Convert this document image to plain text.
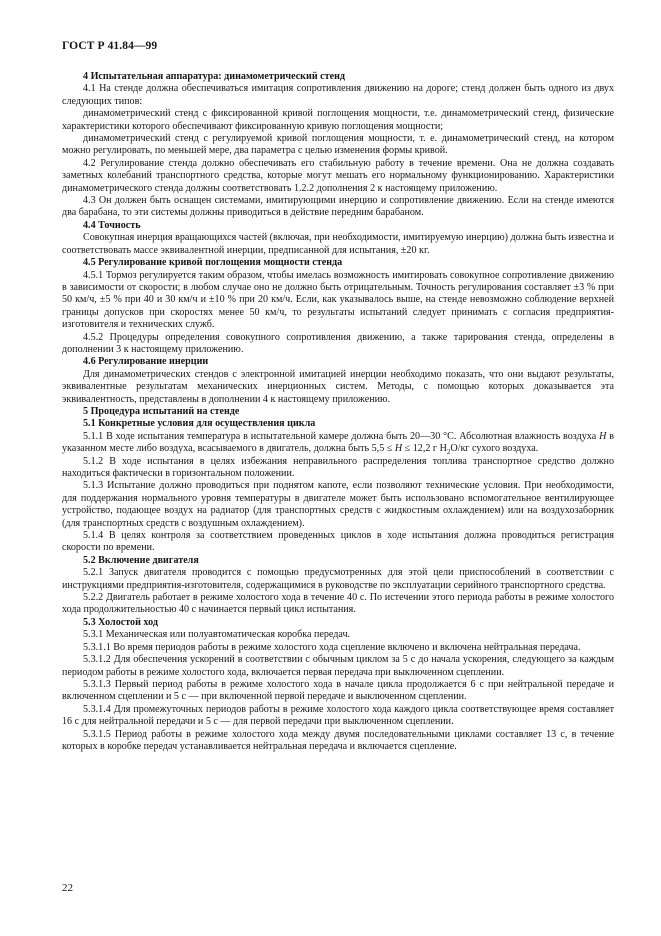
ГОСТ Р 41.84—99

4 Испытательная аппаратура: динамометрический стенд

4.1 На стенде должна обеспечиваться имитация сопротивления движению на дороге; стенд должен быть одного из двух следующих типов:

динамометрический стенд с фиксированной кривой поглощения мощности, т.е. динамометрический стенд, физические характеристики которого обеспечивают фиксированную кривую поглощения мощности;

динамометрический стенд с регулируемой кривой поглощения мощности, т. е. динамометрический стенд, на котором можно регулировать, по меньшей мере, два параметра с целью изменения формы кривой.

4.2 Регулирование стенда должно обеспечивать его стабильную работу в течение времени. Она не должна создавать заметных колебаний транспортного средства, которые могут мешать его нормальному функционированию. Характеристики динамометрического стенда должны соответствовать 1.2.2 дополнения 2 к настоящему приложению.

4.3 Он должен быть оснащен системами, имитирующими инерцию и сопротивление движению. Если на стенде имеются два барабана, то эти системы должны приводиться в действие передним барабаном.

4.4 Точность

Совокупная инерция вращающихся частей (включая, при необходимости, имитируемую инерцию) должна быть известна и соответствовать массе эквивалентной инерции, предписанной для испытания, ±20 кг.

4.5 Регулирование кривой поглощения мощности стенда

4.5.1 Тормоз регулируется таким образом, чтобы имелась возможность имитировать совокупное сопротивление движению в зависимости от скорости; в любом случае оно не должно быть отрицательным. Точность регулирования составляет ±3 % при 50 км/ч, ±5 % при 40 и 30 км/ч и ±10 % при 20 км/ч. Если, как указывалось выше, на стенде невозможно соблюдение верхней границы допусков при скоростях менее 50 км/ч, то результаты испытаний следует принимать с согласия предприятия-изготовителя и технических служб.

4.5.2 Процедуры определения совокупного сопротивления движению, а также тарирования стенда, определены в дополнении 3 к настоящему приложению.

4.6 Регулирование инерции

Для динамометрических стендов с электронной имитацией инерции необходимо показать, что они выдают результаты, эквивалентные результатам механических инерционных систем. Методы, с помощью которых доказывается эта эквивалентность, представлены в дополнении 4 к настоящему приложению.

5 Процедура испытаний на стенде

5.1 Конкретные условия для осуществления цикла

5.1.1 В ходе испытания температура в испытательной камере должна быть 20—30 °С. Абсолютная влажность воздуха H в указанном месте либо воздуха, всасываемого в двигатель, должна быть 5,5 ≤ H ≤ 12,2 г $H_2O/кг$ сухого воздуха.

5.1.2 В ходе испытания в целях избежания неправильного распределения топлива транспортное средство должно находиться фактически в горизонтальном положении.

5.1.3 Испытание должно проводиться при поднятом капоте, если позволяют технические условия. При необходимости, для поддержания нормального уровня температуры в двигателе может быть использовано вспомогательное вентилирующее устройство, подающее воздух на радиатор (для транспортных средств с жидкостным охлаждением) или на воздухозаборник (для транспортных средств с воздушным охлаждением).

5.1.4 В целях контроля за соответствием проведенных циклов в ходе испытания должна проводиться регистрация скорости по времени.

5.2 Включение двигателя

5.2.1 Запуск двигателя проводится с помощью предусмотренных для этой цели приспособлений в соответствии с инструкциями предприятия-изготовителя, содержащимися в руководстве по эксплуатации серийного транспортного средства.

5.2.2 Двигатель работает в режиме холостого хода в течение 40 с. По истечении этого периода работы в режиме холостого хода продолжительностью 40 с начинается первый цикл испытания.

5.3 Холостой ход

5.3.1 Механическая или полуавтоматическая коробка передач.

5.3.1.1 Во время периодов работы в режиме холостого хода сцепление включено и включена нейтральная передача.

5.3.1.2 Для обеспечения ускорений в соответствии с обычным циклом за 5 с до начала ускорения, следующего за каждым периодом работы в режиме холостого хода, включается первая передача при выключенном сцеплении.

5.3.1.3 Первый период работы в режиме холостого хода в начале цикла продолжается 6 с при нейтральной передаче и включенном сцеплении и 5 с — при включенной первой передаче и выключенном сцеплении.

5.3.1.4 Для промежуточных периодов работы в режиме холостого хода каждого цикла соответствующее время составляет 16 с для нейтральной передачи и 5 с — для первой передачи при выключенном сцеплении.

5.3.1.5 Период работы в режиме холостого хода между двумя последовательными циклами составляет 13 с, в течение которых в коробке передач устанавливается нейтральная передача и включается сцепление.

22
